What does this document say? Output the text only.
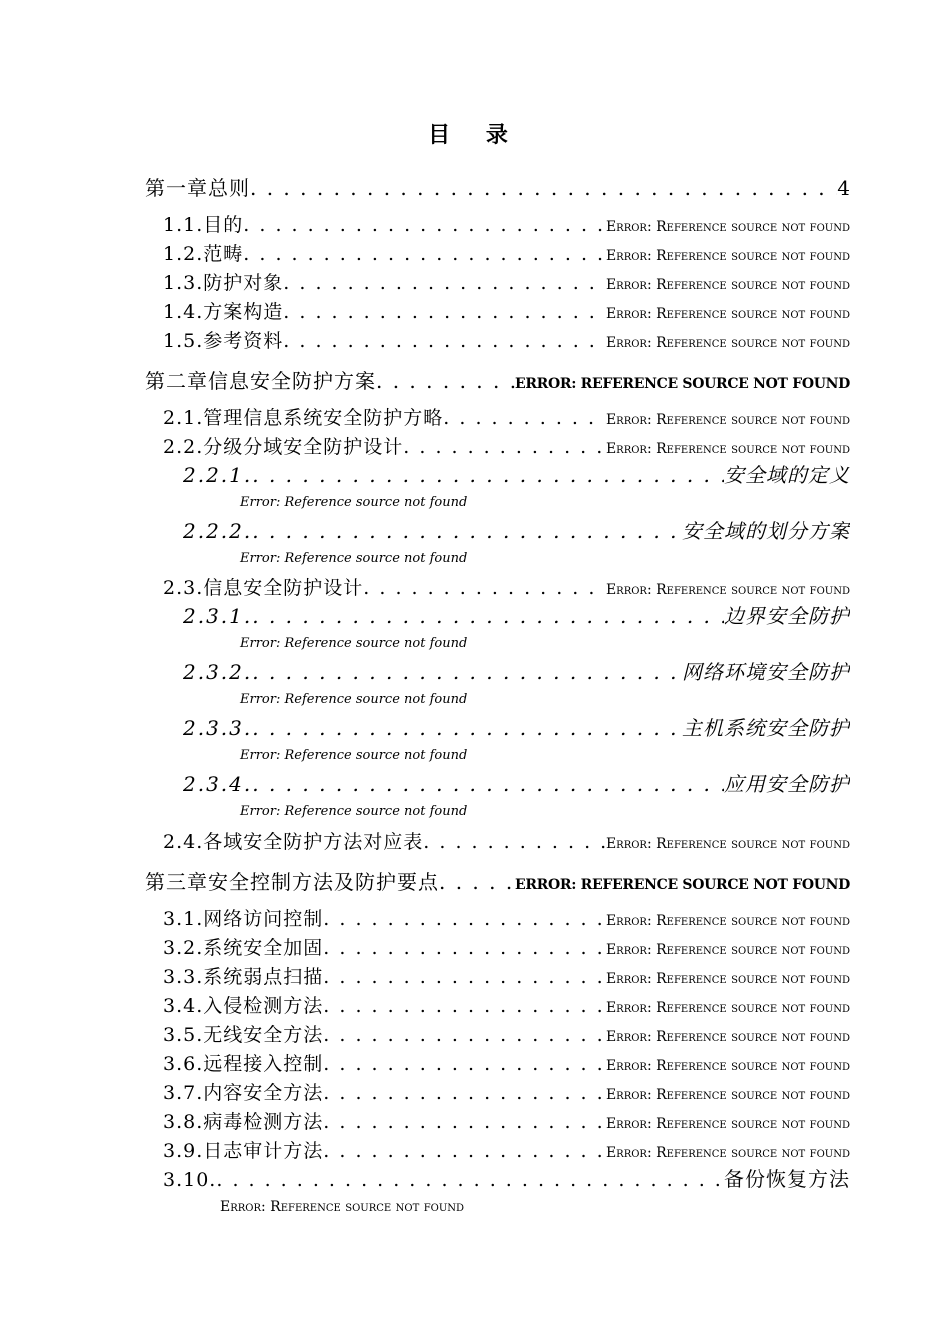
目 录
第一章总则 . . .	4
1.1. 目的 . . .	Error: Reference source not found
1.2. 范畴 . . .	Error: Reference source not found
1.3. 防护对象 . . .	Error: Reference source not found
1.4. 方案构造 . . .	Error: Reference source not found
1.5. 参考资料 . . .	Error: Reference source not found
第二章信息安全防护方案 . . .	ERROR: REFERENCE SOURCE NOT FOUND
2.1. 管理信息系统安全防护方略 . . .	Error: Reference source not found
2.2. 分级分域安全防护设计 . . .	Error: Reference source not found
2.2.1. . . .	安全域的定义
Error: Reference source not found
2.2.2. . . .	安全域的划分方案
Error: Reference source not found
2.3. 信息安全防护设计 . . .	Error: Reference source not found
2.3.1. . . .	边界安全防护
Error: Reference source not found
2.3.2. . . .	网络环境安全防护
Error: Reference source not found
2.3.3. . . .	主机系统安全防护
Error: Reference source not found
2.3.4. . . .	应用安全防护
Error: Reference source not found
2.4. 各域安全防护方法对应表 . . .	Error: Reference source not found
第三章安全控制方法及防护要点 . . .	ERROR: REFERENCE SOURCE NOT FOUND
3.1. 网络访问控制 . . .	Error: Reference source not found
3.2. 系统安全加固 . . .	Error: Reference source not found
3.3. 系统弱点扫描 . . .	Error: Reference source not found
3.4. 入侵检测方法 . . .	Error: Reference source not found
3.5. 无线安全方法 . . .	Error: Reference source not found
3.6. 远程接入控制 . . .	Error: Reference source not found
3.7. 内容安全方法 . . .	Error: Reference source not found
3.8. 病毒检测方法 . . .	Error: Reference source not found
3.9. 日志审计方法 . . .	Error: Reference source not found
3.10. . . .	备份恢复方法
Error: Reference source not found
